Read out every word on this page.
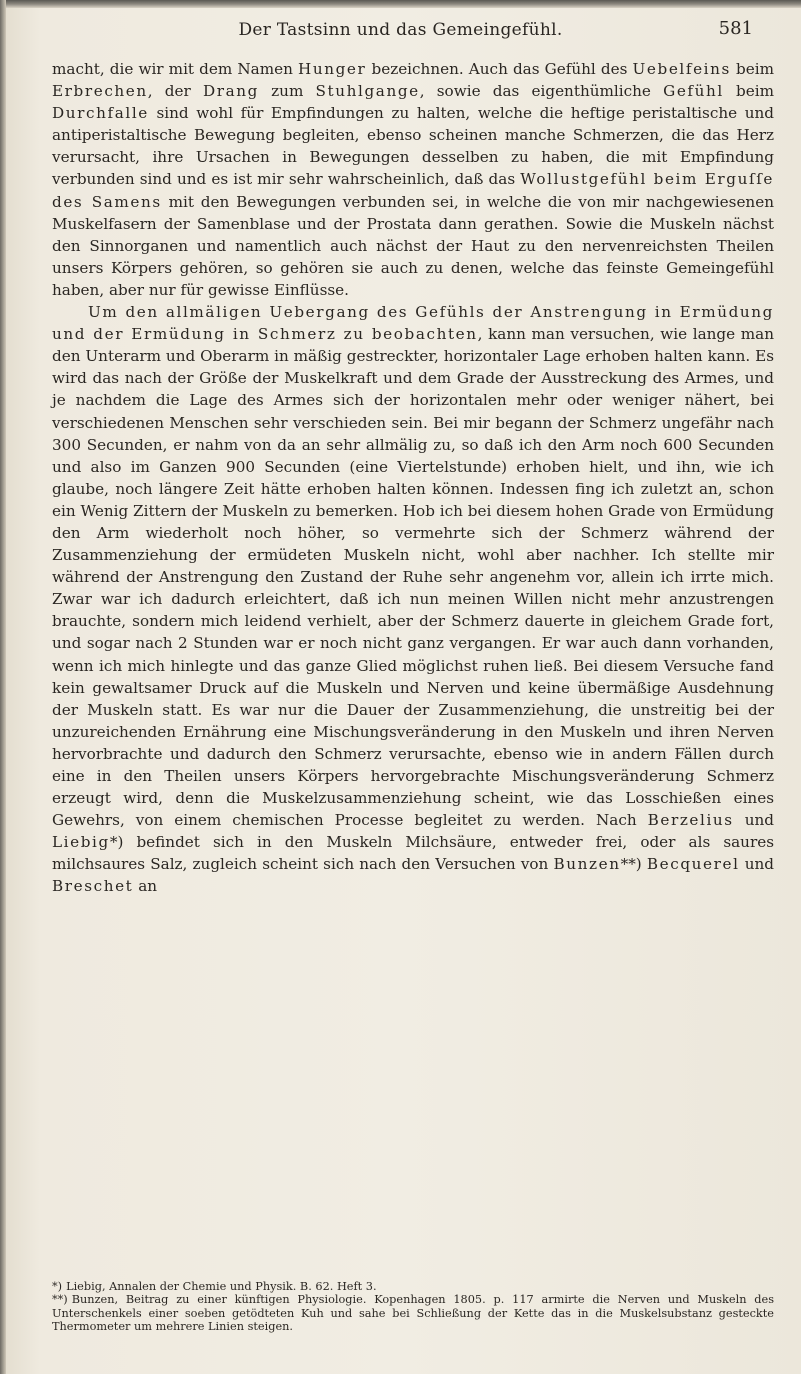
Der Tastsinn und das Gemeingefühl.	581

macht, die wir mit dem Namen Hunger bezeichnen. Auch das Gefühl des Uebelfeins beim Erbrechen, der Drang zum Stuhlgange, sowie das eigenthümliche Gefühl beim Durchfalle sind wohl für Empfindungen zu halten, welche die heftige peristaltische und antiperistaltische Bewegung begleiten, ebenso scheinen manche Schmerzen, die das Herz verursacht, ihre Ursachen in Bewegungen desselben zu haben, die mit Empfindung verbunden sind und es ist mir sehr wahrscheinlich, daß das Wollustgefühl beim Erguſſe des Samens mit den Bewegungen verbunden sei, in welche die von mir nachgewiesenen Muskelfasern der Samenblase und der Prostata dann gerathen. Sowie die Muskeln nächst den Sinnorganen und namentlich auch nächst der Haut zu den nervenreichsten Theilen unsers Körpers gehören, so gehören sie auch zu denen, welche das feinste Gemeingefühl haben, aber nur für gewisse Einflüsse.

Um den allmäligen Uebergang des Gefühls der Anstrengung in Ermüdung und der Ermüdung in Schmerz zu beobachten, kann man versuchen, wie lange man den Unterarm und Oberarm in mäßig gestreckter, horizontaler Lage erhoben halten kann. Es wird das nach der Größe der Muskelkraft und dem Grade der Ausstreckung des Armes, und je nachdem die Lage des Armes sich der horizontalen mehr oder weniger nähert, bei verschiedenen Menschen sehr verschieden sein. Bei mir begann der Schmerz ungefähr nach 300 Secunden, er nahm von da an sehr allmälig zu, so daß ich den Arm noch 600 Secunden und also im Ganzen 900 Secunden (eine Viertelstunde) erhoben hielt, und ihn, wie ich glaube, noch längere Zeit hätte erhoben halten können. Indessen fing ich zuletzt an, schon ein Wenig Zittern der Muskeln zu bemerken. Hob ich bei diesem hohen Grade von Ermüdung den Arm wiederholt noch höher, so vermehrte sich der Schmerz während der Zusammenziehung der ermüdeten Muskeln nicht, wohl aber nachher. Ich stellte mir während der Anstrengung den Zustand der Ruhe sehr angenehm vor, allein ich irrte mich. Zwar war ich dadurch erleichtert, daß ich nun meinen Willen nicht mehr anzustrengen brauchte, sondern mich leidend verhielt, aber der Schmerz dauerte in gleichem Grade fort, und sogar nach 2 Stunden war er noch nicht ganz vergangen. Er war auch dann vorhanden, wenn ich mich hinlegte und das ganze Glied möglichst ruhen ließ. Bei diesem Versuche fand kein gewaltsamer Druck auf die Muskeln und Nerven und keine übermäßige Ausdehnung der Muskeln statt. Es war nur die Dauer der Zusammenziehung, die unstreitig bei der unzureichenden Ernährung eine Mischungsveränderung in den Muskeln und ihren Nerven hervorbrachte und dadurch den Schmerz verursachte, ebenso wie in andern Fällen durch eine in den Theilen unsers Körpers hervorgebrachte Mischungsveränderung Schmerz erzeugt wird, denn die Muskelzusammenziehung scheint, wie das Losschießen eines Gewehrs, von einem chemischen Processe begleitet zu werden. Nach Berzelius und Liebig*) befindet sich in den Muskeln Milchsäure, entweder frei, oder als saures milchsaures Salz, zugleich scheint sich nach den Versuchen von Bunzen**) Becquerel und Breschet an

*) Liebig, Annalen der Chemie und Physik. B. 62. Heft 3.

**) Bunzen, Beitrag zu einer künftigen Physiologie. Kopenhagen 1805. p. 117 armirte die Nerven und Muskeln des Unterschenkels einer soeben getödteten Kuh und sahe bei Schließung der Kette das in die Muskelsubstanz gesteckte Thermometer um mehrere Linien steigen.
